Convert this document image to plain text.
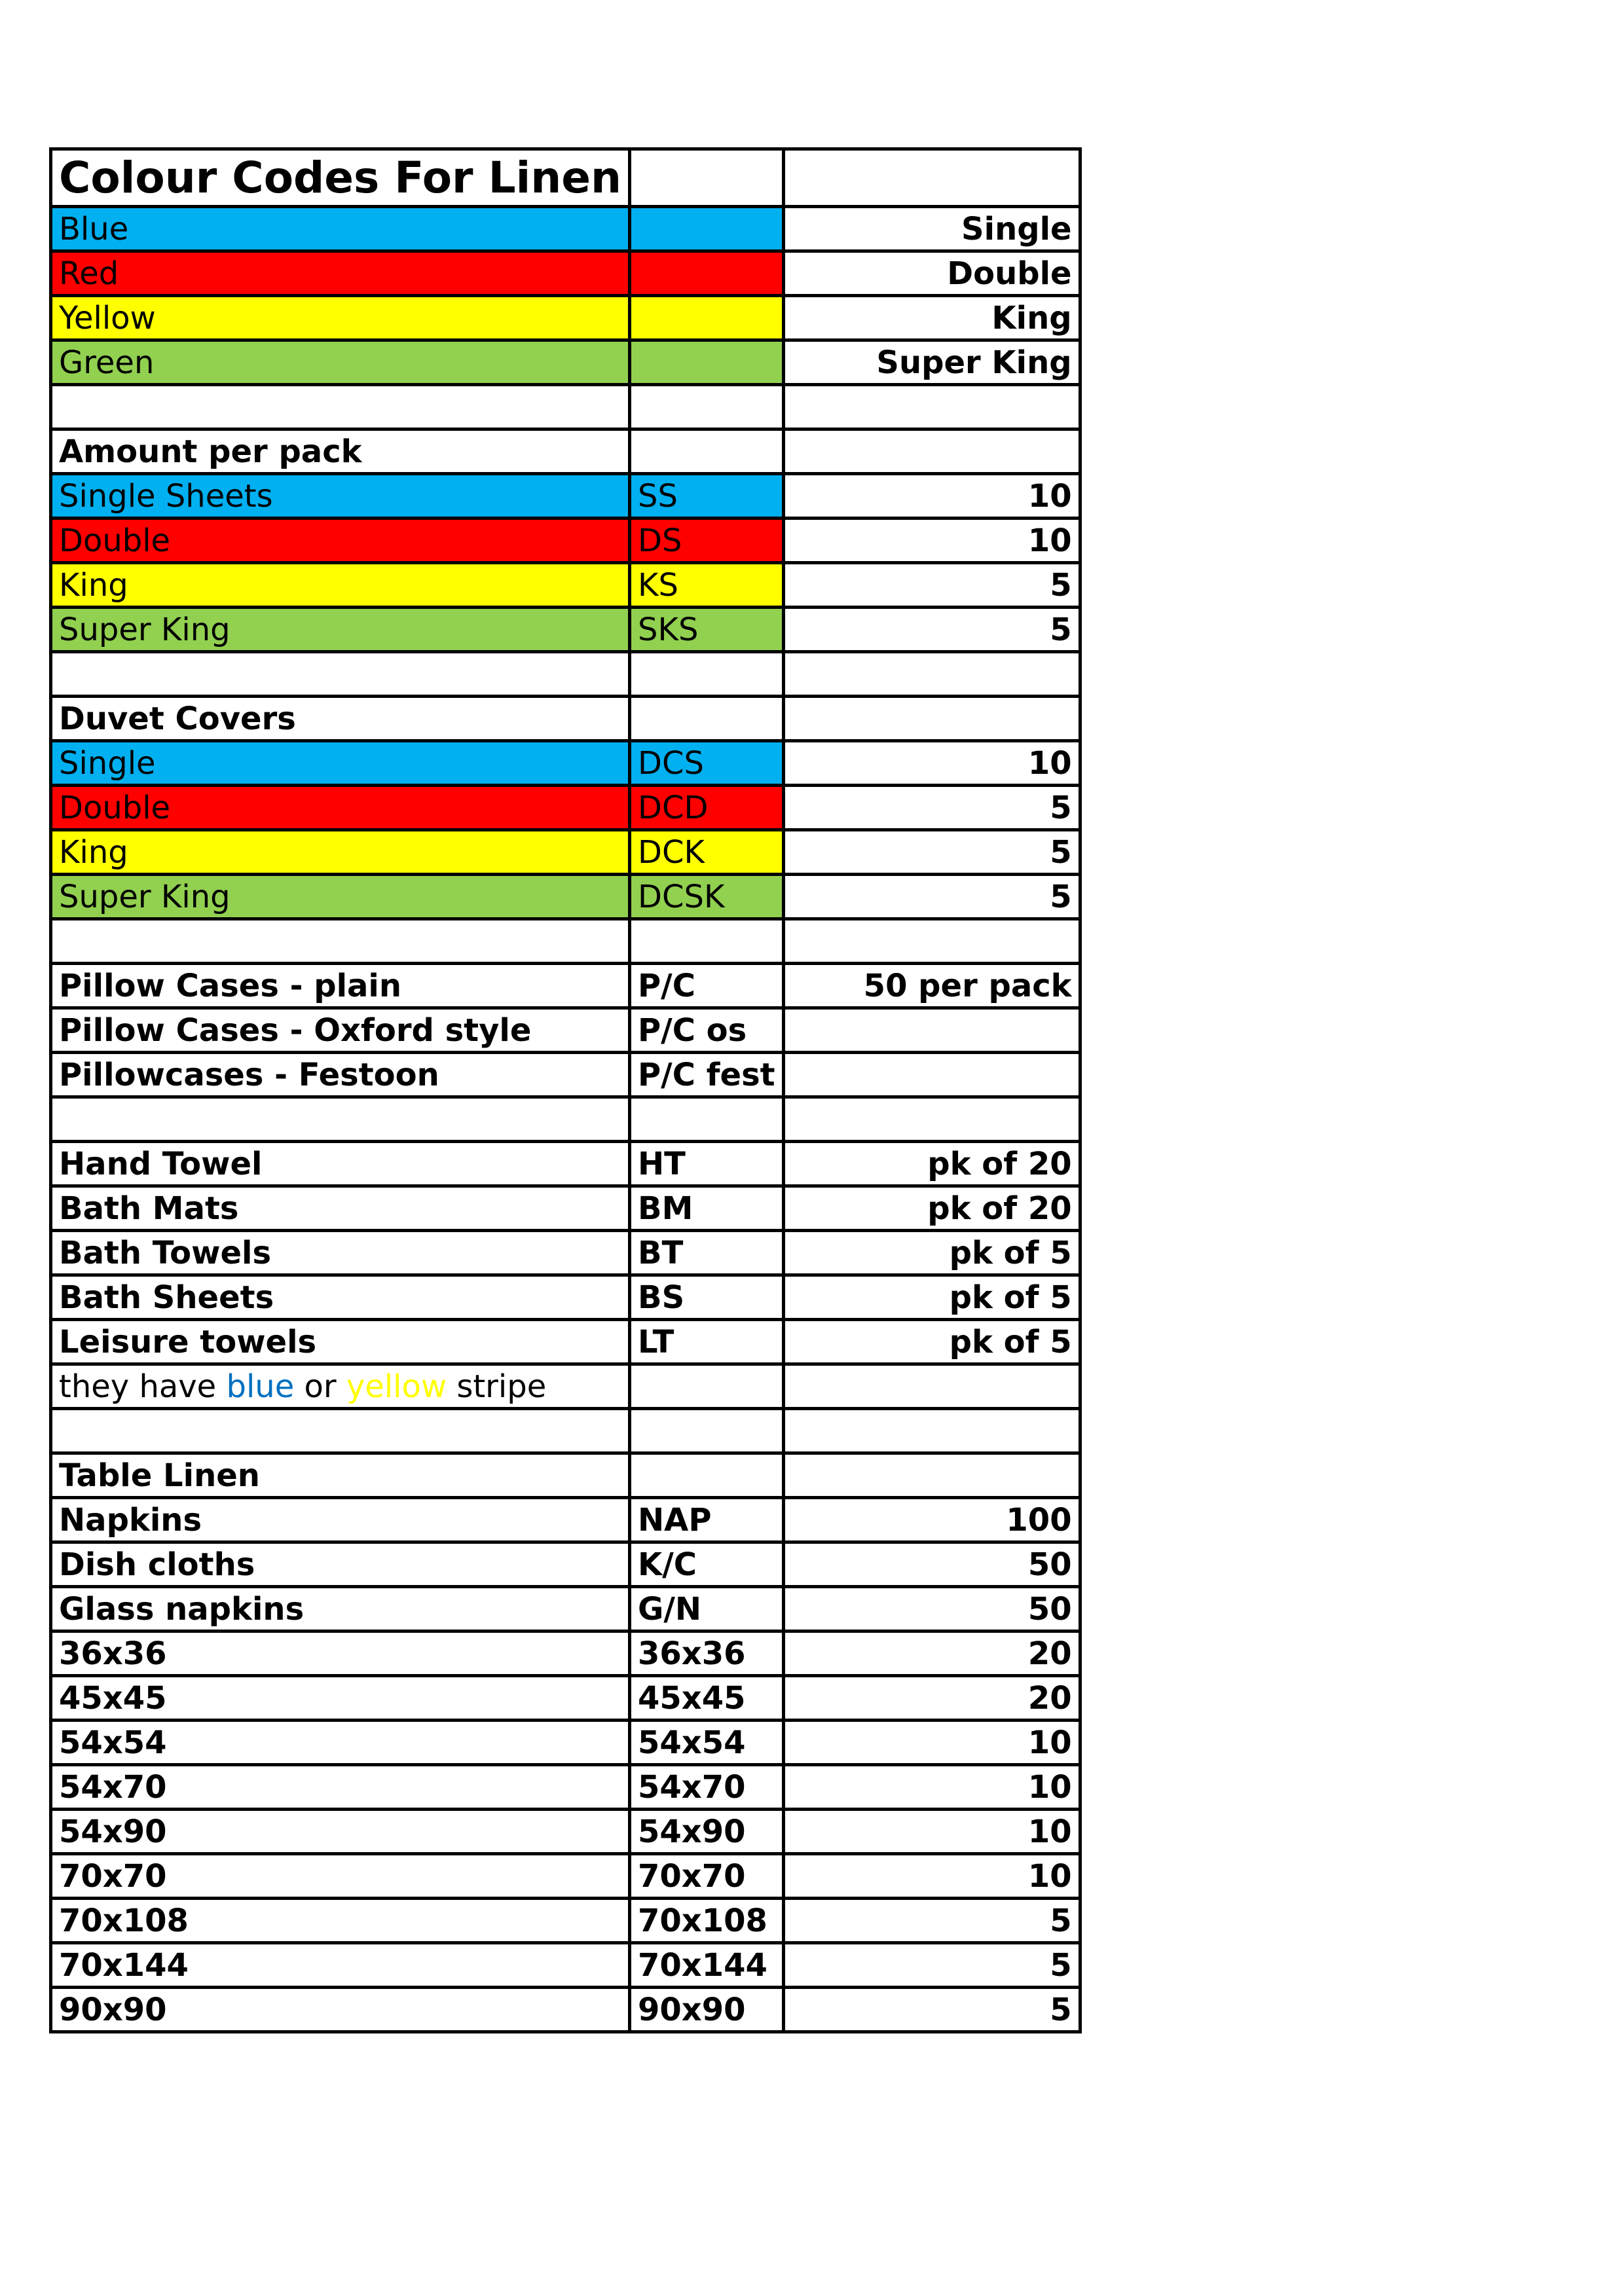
Colour Codes For Linen		
Blue		Single
Red		Double
Yellow		King
Green		Super King

Amount per pack		
Single Sheets	SS	10
Double	DS	10
King	KS	5
Super King	SKS	5

Duvet Covers		
Single	DCS	10
Double	DCD	5
King	DCK	5
Super King	DCSK	5

Pillow Cases - plain	P/C	50 per pack
Pillow Cases - Oxford style	P/C os	
Pillowcases - Festoon	P/C fest	

Hand Towel	HT	pk of 20
Bath Mats	BM	pk of 20
Bath Towels	BT	pk of 5
Bath Sheets	BS	pk of 5
Leisure towels	LT	pk of 5
they have blue or yellow stripe		

Table Linen		
Napkins	NAP	100
Dish cloths	K/C	50
Glass napkins	G/N	50
36x36	36x36	20
45x45	45x45	20
54x54	54x54	10
54x70	54x70	10
54x90	54x90	10
70x70	70x70	10
70x108	70x108	5
70x144	70x144	5
90x90	90x90	5
